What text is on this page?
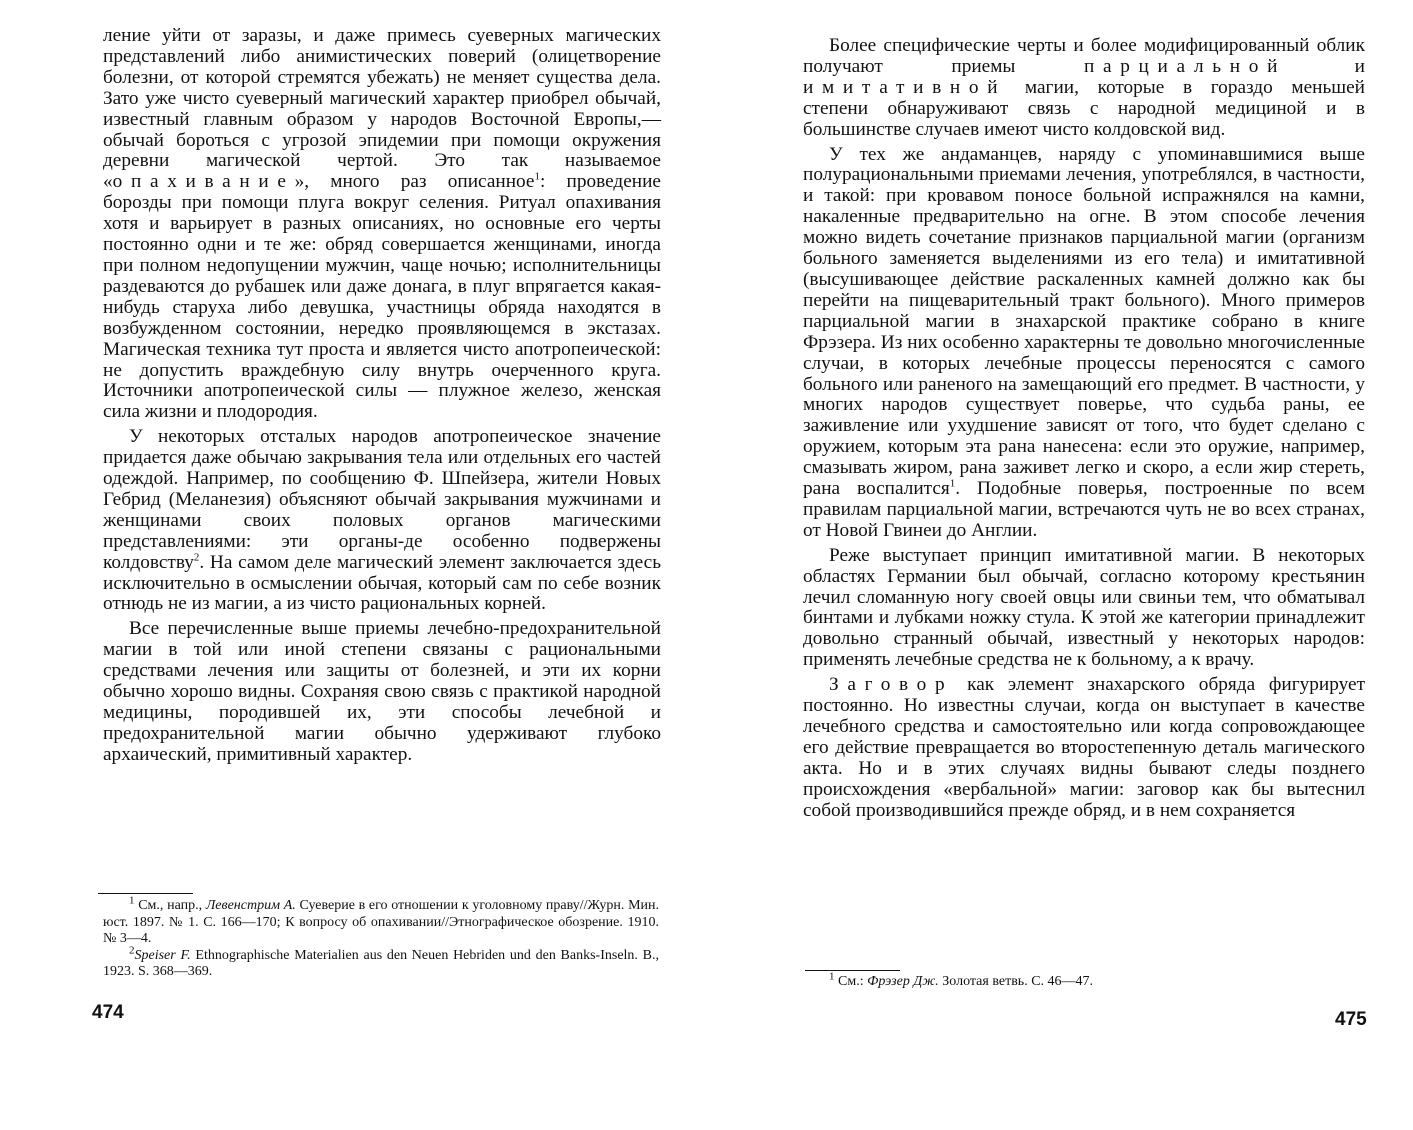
ление уйти от заразы, и даже примесь суеверных магических представлений либо анимистических поверий (олицетворение болезни, от которой стремятся убежать) не меняет существа дела. Зато уже чисто суеверный магический характер приобрел обычай, известный главным образом у народов Восточной Европы,— обычай бороться с угрозой эпидемии при помощи окружения деревни магической чертой. Это так называемое «опахивание», много раз описанное$^1$: проведение борозды при помощи плуга вокруг селения. Ритуал опахивания хотя и варьирует в разных описаниях, но основные его черты постоянно одни и те же: обряд совершается женщинами, иногда при полном недопущении мужчин, чаще ночью; исполнительницы раздеваются до рубашек или даже донага, в плуг впрягается какая-нибудь старуха либо девушка, участницы обряда находятся в возбужденном состоянии, нередко проявляющемся в экстазах. Магическая техника тут проста и является чисто апотропеической: не допустить враждебную силу внутрь очерченного круга. Источники апотропеической силы — плужное железо, женская сила жизни и плодородия.

У некоторых отсталых народов апотропеическое значение придается даже обычаю закрывания тела или отдельных его частей одеждой. Например, по сообщению Ф. Шпейзера, жители Новых Гебрид (Меланезия) объясняют обычай закрывания мужчинами и женщинами своих половых органов магическими представлениями: эти органы-де особенно подвержены колдовству$^2$. На самом деле магический элемент заключается здесь исключительно в осмыслении обычая, который сам по себе возник отнюдь не из магии, а из чисто рациональных корней.

Все перечисленные выше приемы лечебно-предохранительной магии в той или иной степени связаны с рациональными средствами лечения или защиты от болезней, и эти их корни обычно хорошо видны. Сохраняя свою связь с практикой народной медицины, породившей их, эти способы лечебной и предохранительной магии обычно удерживают глубоко архаический, примитивный характер.

$^1$ См., напр., Левенстрим А. Суеверие в его отношении к уголовному праву//Журн. Мин. юст. 1897. № 1. С. 166—170; К вопросу об опахивании//Этнографическое обозрение. 1910. № 3—4.

$^2$Speiser F. Ethnographische Materialien aus den Neuen Hebriden und den Banks-Inseln. B., 1923. S. 368—369.

474

Более специфические черты и более модифицированный облик получают приемы	парциальной	и имитативной магии, которые в гораздо меньшей степени обнаруживают связь с народной медициной и в большинстве случаев имеют чисто колдовской вид.

У тех же андаманцев, наряду с упоминавшимися выше полурациональными приемами лечения, употреблялся, в частности, и такой: при кровавом поносе больной испражнялся на камни, накаленные предварительно на огне. В этом способе лечения можно видеть сочетание признаков парциальной магии (организм больного заменяется выделениями из его тела) и имитативной (высушивающее действие раскаленных камней должно как бы перейти на пищеварительный тракт больного). Много примеров парциальной магии в знахарской практике собрано в книге Фрэзера. Из них особенно характерны те довольно многочисленные случаи, в которых лечебные процессы переносятся с самого больного или раненого на замещающий его предмет. В частности, у многих народов существует поверье, что судьба раны, ее заживление или ухудшение зависят от того, что будет сделано с оружием, которым эта рана нанесена: если это оружие, например, смазывать жиром, рана заживет легко и скоро, а если жир стереть, рана воспалится$^1$. Подобные поверья, построенные по всем правилам парциальной магии, встречаются чуть не во всех странах, от Новой Гвинеи до Англии.

Реже выступает принцип имитативной магии. В некоторых областях Германии был обычай, согласно которому крестьянин лечил сломанную ногу своей овцы или свиньи тем, что обматывал бинтами и лубками ножку стула. К этой же категории принадлежит довольно странный обычай, известный у некоторых народов: применять лечебные средства не к больному, а к врачу.

Заговор как элемент знахарского обряда фигурирует постоянно. Но известны случаи, когда он выступает в качестве лечебного средства и самостоятельно или когда сопровождающее его действие превращается во второстепенную деталь магического акта. Но и в этих случаях видны бывают следы позднего происхождения «вербальной» магии: заговор как бы вытеснил собой производившийся прежде обряд, и в нем сохраняется

$^1$ См.: Фрэзер Дж. Золотая ветвь. С. 46—47.

475
